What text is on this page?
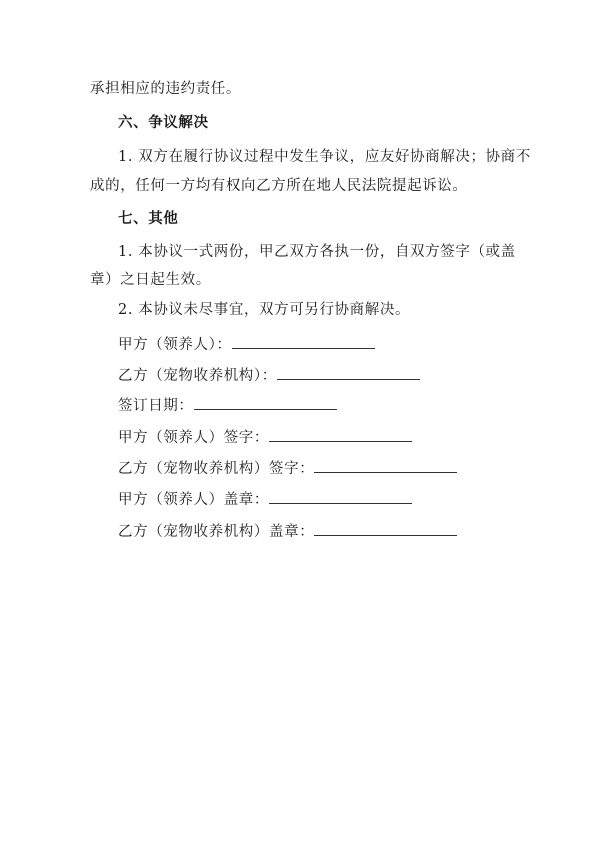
承担相应的违约责任。
六、争议解决
1. 双方在履行协议过程中发生争议，应友好协商解决；协商不
成的，任何一方均有权向乙方所在地人民法院提起诉讼。
七、其他
1. 本协议一式两份，甲乙双方各执一份，自双方签字（或盖
章）之日起生效。
2. 本协议未尽事宜，双方可另行协商解决。
甲方（领养人）：
乙方（宠物收养机构）：
签订日期：
甲方（领养人）签字：
乙方（宠物收养机构）签字：
甲方（领养人）盖章：
乙方（宠物收养机构）盖章：
